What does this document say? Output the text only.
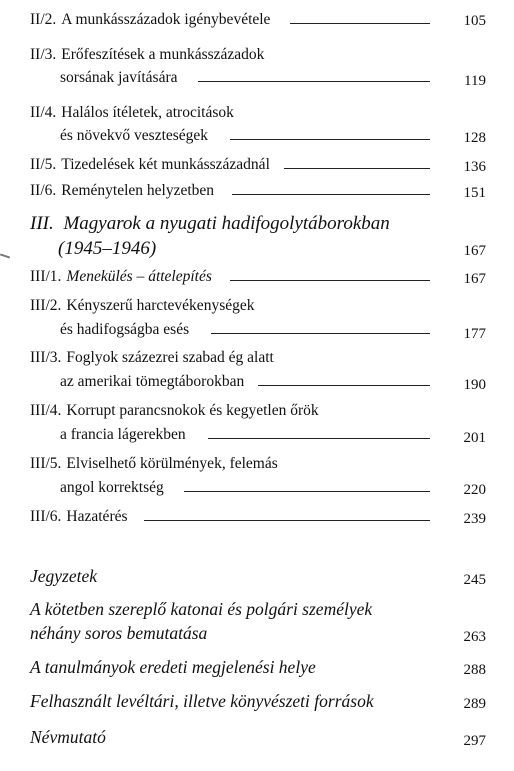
II/2. A munkásszázadok igénybevétele	105
II/3. Erőfeszítések a munkásszázadok
sorsának javítására	119
II/4. Halálos ítéletek, atrocitások
és növekvő veszteségek	128
II/5. Tizedelések két munkásszázadnál	136
II/6. Reménytelen helyzetben	151
III. Magyarok a nyugati hadifogolytáborokban
(1945–1946)	167
III/1. Menekülés – áttelepítés	167
III/2. Kényszerű harctevékenységek
és hadifogságba esés	177
III/3. Foglyok százezrei szabad ég alatt
az amerikai tömegtáborokban	190
III/4. Korrupt parancsnokok és kegyetlen őrök
a francia lágerekben	201
III/5. Elviselhető körülmények, felemás
angol korrektség	220
III/6. Hazatérés	239
Jegyzetek	245
A kötetben szereplő katonai és polgári személyek
néhány soros bemutatása	263
A tanulmányok eredeti megjelenési helye	288
Felhasznált levéltári, illetve könyvészeti források	289
Névmutató	297
